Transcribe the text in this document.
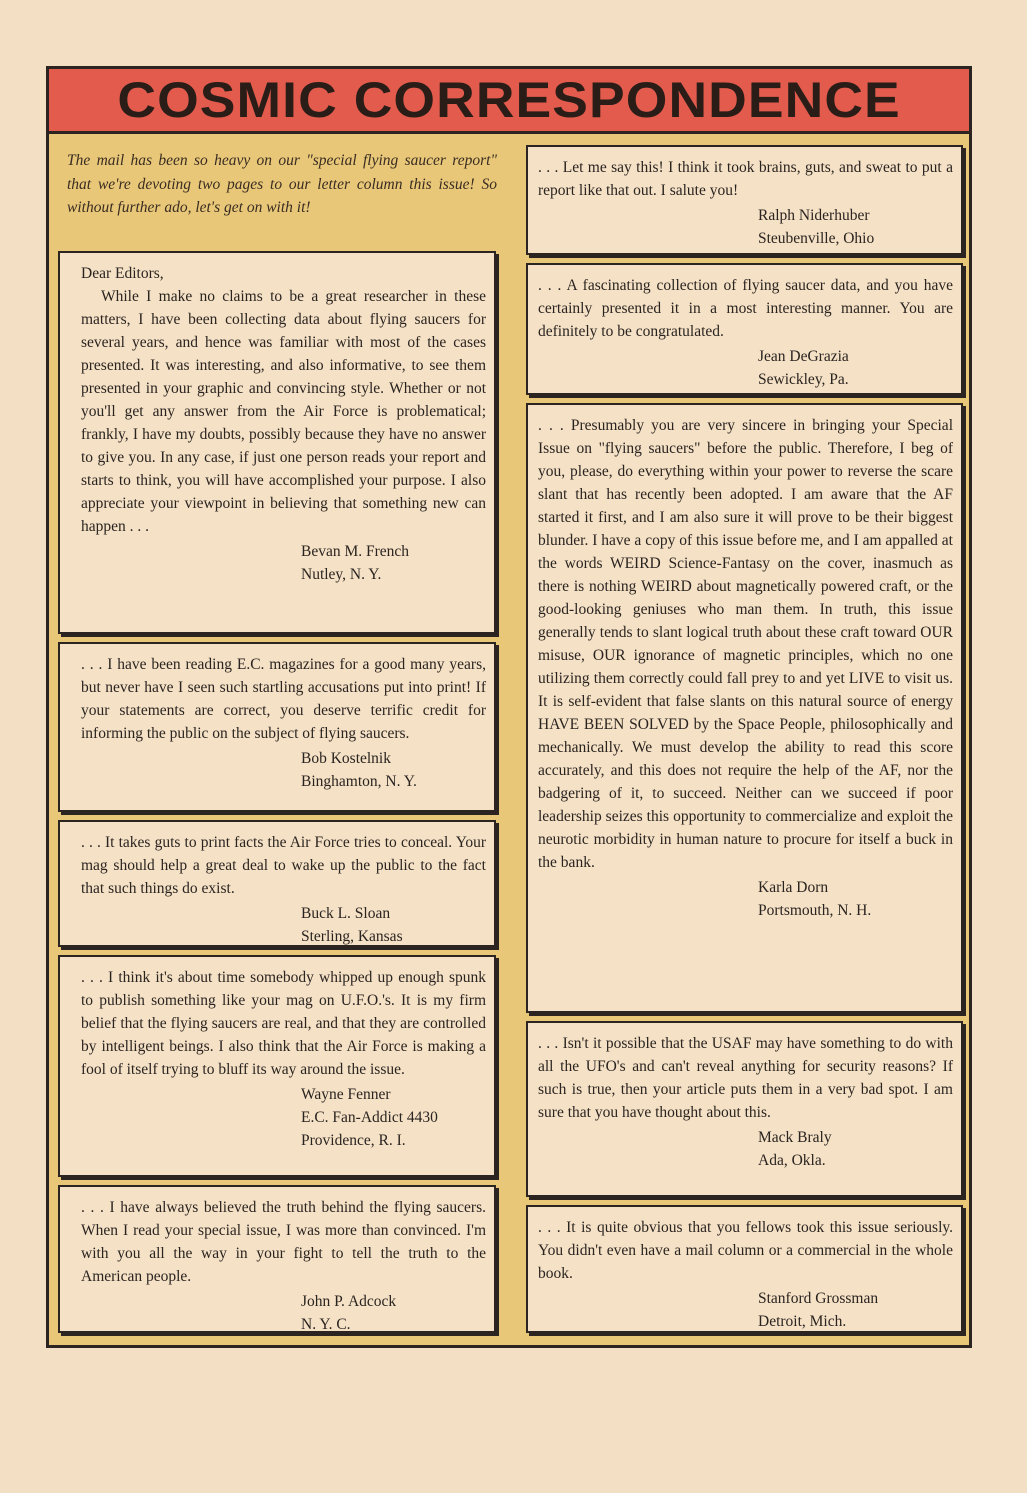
COSMIC CORRESPONDENCE
The mail has been so heavy on our "special flying saucer report" that we're devoting two pages to our letter column this issue! So without further ado, let's get on with it!
Dear Editors,
While I make no claims to be a great researcher in these matters, I have been collecting data about flying saucers for several years, and hence was familiar with most of the cases presented. It was interesting, and also informative, to see them presented in your graphic and convincing style. Whether or not you'll get any answer from the Air Force is problematical; frankly, I have my doubts, possibly because they have no answer to give you. In any case, if just one person reads your report and starts to think, you will have accomplished your purpose. I also appreciate your viewpoint in believing that something new can happen . . .
Bevan M. French
Nutley, N. Y.
. . . I have been reading E.C. magazines for a good many years, but never have I seen such startling accusations put into print! If your statements are correct, you deserve terrific credit for informing the public on the subject of flying saucers.
Bob Kostelnik
Binghamton, N. Y.
. . . It takes guts to print facts the Air Force tries to conceal. Your mag should help a great deal to wake up the public to the fact that such things do exist.
Buck L. Sloan
Sterling, Kansas
. . . I think it's about time somebody whipped up enough spunk to publish something like your mag on U.F.O.'s. It is my firm belief that the flying saucers are real, and that they are controlled by intelligent beings. I also think that the Air Force is making a fool of itself trying to bluff its way around the issue.
Wayne Fenner
E.C. Fan-Addict 4430
Providence, R. I.
. . . I have always believed the truth behind the flying saucers. When I read your special issue, I was more than convinced. I'm with you all the way in your fight to tell the truth to the American people.
John P. Adcock
N. Y. C.
. . . Let me say this! I think it took brains, guts, and sweat to put a report like that out. I salute you!
Ralph Niderhuber
Steubenville, Ohio
. . . A fascinating collection of flying saucer data, and you have certainly presented it in a most interesting manner. You are definitely to be congratulated.
Jean DeGrazia
Sewickley, Pa.
. . . Presumably you are very sincere in bringing your Special Issue on "flying saucers" before the public. Therefore, I beg of you, please, do everything within your power to reverse the scare slant that has recently been adopted. I am aware that the AF started it first, and I am also sure it will prove to be their biggest blunder. I have a copy of this issue before me, and I am appalled at the words WEIRD Science-Fantasy on the cover, inasmuch as there is nothing WEIRD about magnetically powered craft, or the good-looking geniuses who man them. In truth, this issue generally tends to slant logical truth about these craft toward OUR misuse, OUR ignorance of magnetic principles, which no one utilizing them correctly could fall prey to and yet LIVE to visit us. It is self-evident that false slants on this natural source of energy HAVE BEEN SOLVED by the Space People, philosophically and mechanically. We must develop the ability to read this score accurately, and this does not require the help of the AF, nor the badgering of it, to succeed. Neither can we succeed if poor leadership seizes this opportunity to commercialize and exploit the neurotic morbidity in human nature to procure for itself a buck in the bank.
Karla Dorn
Portsmouth, N. H.
. . . Isn't it possible that the USAF may have something to do with all the UFO's and can't reveal anything for security reasons? If such is true, then your article puts them in a very bad spot. I am sure that you have thought about this.
Mack Braly
Ada, Okla.
. . . It is quite obvious that you fellows took this issue seriously. You didn't even have a mail column or a commercial in the whole book.
Stanford Grossman
Detroit, Mich.
